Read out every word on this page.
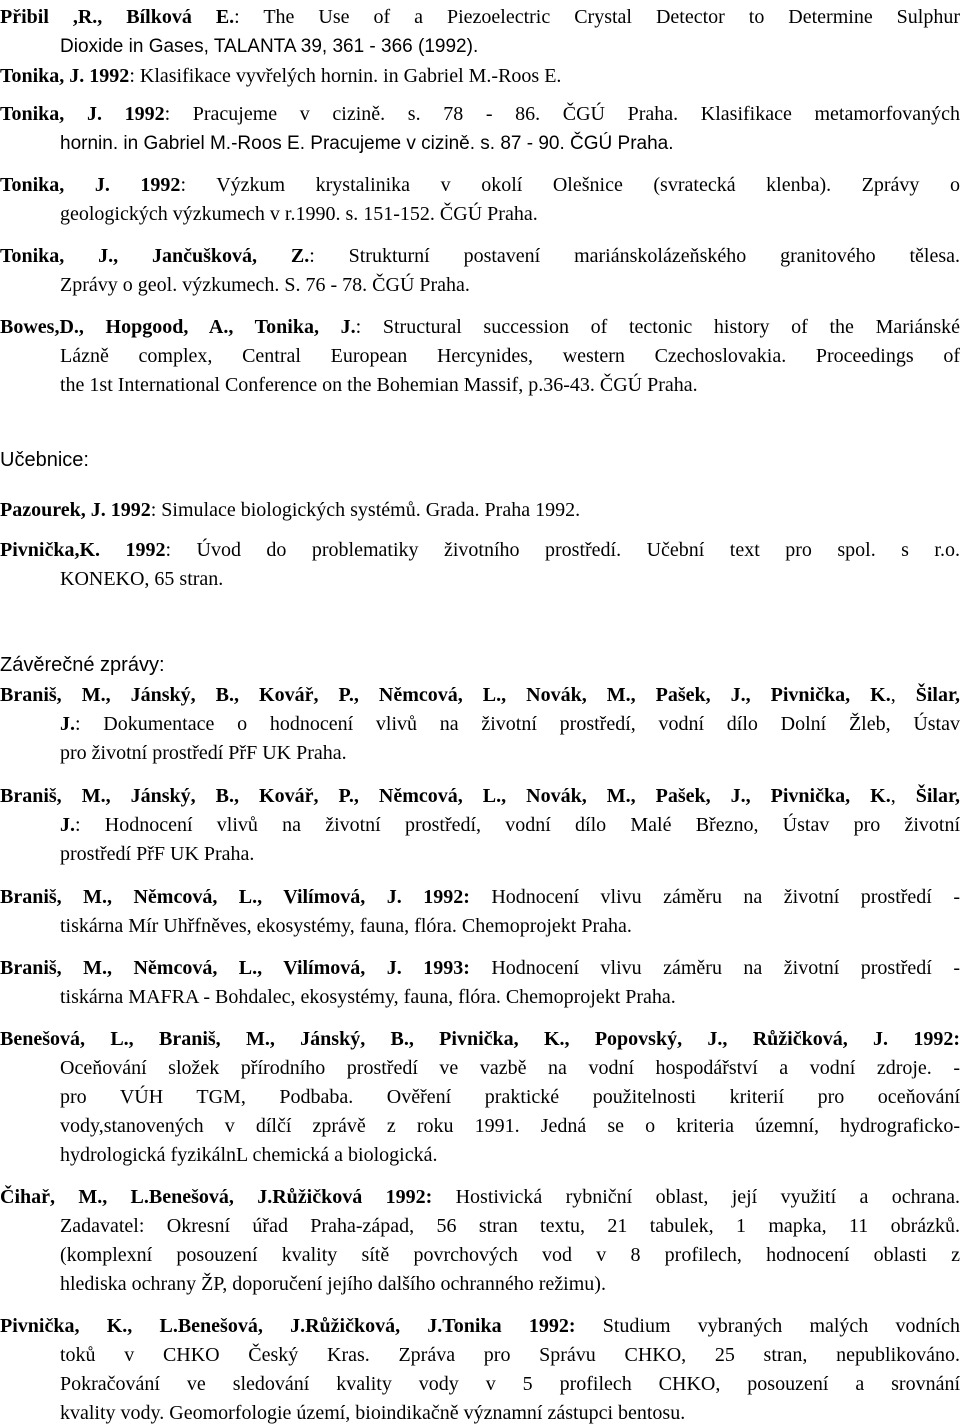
Přibil ,R., Bílková E.: The Use of a Piezoelectric Crystal Detector to Determine Sulphur
Dioxide in Gases, TALANTA 39, 361 - 366 (1992).
Tonika, J. 1992: Klasifikace vyvřelých hornin. in Gabriel M.-Roos E.
Tonika, J. 1992: Pracujeme v cizině. s. 78 - 86. ČGÚ Praha. Klasifikace metamorfovaných
hornin. in Gabriel M.-Roos E. Pracujeme v cizině. s. 87 - 90. ČGÚ Praha.
Tonika, J. 1992: Výzkum krystalinika v okolí Olešnice (svratecká klenba). Zprávy o
geologických výzkumech v r.1990. s. 151-152. ČGÚ Praha.
Tonika, J., Jančušková, Z.: Strukturní postavení mariánskolázeňského granitového tělesa.
Zprávy o geol. výzkumech. S. 76 - 78. ČGÚ Praha.
Bowes,D., Hopgood, A., Tonika, J.: Structural succession of tectonic history of the Mariánské
Lázně complex, Central European Hercynides, western Czechoslovakia. Proceedings of
the 1st International Conference on the Bohemian Massif, p.36-43. ČGÚ Praha.
Učebnice:
Pazourek, J. 1992: Simulace biologických systémů. Grada. Praha 1992.
Pivnička,K. 1992: Úvod do problematiky životního prostředí. Učební text pro spol. s r.o.
KONEKO, 65 stran.
Závěrečné zprávy:
Braniš, M., Jánský, B., Kovář, P., Němcová, L., Novák, M., Pašek, J., Pivnička, K., Šilar,
J.: Dokumentace o hodnocení vlivů na životní prostředí, vodní dílo Dolní Žleb, Ústav
pro životní prostředí PřF UK Praha.
Braniš, M., Jánský, B., Kovář, P., Němcová, L., Novák, M., Pašek, J., Pivnička, K., Šilar,
J.: Hodnocení vlivů na životní prostředí, vodní dílo Malé Březno, Ústav pro životní
prostředí PřF UK Praha.
Braniš, M., Němcová, L., Vilímová, J. 1992: Hodnocení vlivu záměru na životní prostředí -
tiskárna Mír Uhřfněves, ekosystémy, fauna, flóra. Chemoprojekt Praha.
Braniš, M., Němcová, L., Vilímová, J. 1993: Hodnocení vlivu záměru na životní prostředí -
tiskárna MAFRA - Bohdalec, ekosystémy, fauna, flóra. Chemoprojekt Praha.
Benešová, L., Braniš, M., Jánský, B., Pivnička, K., Popovský, J., Růžičková, J. 1992:
Oceňování složek přírodního prostředí ve vazbě na vodní hospodářství a vodní zdroje. -
pro VÚH TGM, Podbaba. Ověření praktické použitelnosti kriterií pro oceňování
vody,stanovených v dílčí zprávě z roku 1991. Jedná se o kriteria územní, hydrograficko-
hydrologická fyzikálnL chemická a biologická.
Čihař, M., L.Benešová, J.Růžičková 1992: Hostivická rybniční oblast, její využití a ochrana.
Zadavatel: Okresní úřad Praha-západ, 56 stran textu, 21 tabulek, 1 mapka, 11 obrázků.
(komplexní posouzení kvality sítě povrchových vod v 8 profilech, hodnocení oblasti z
hlediska ochrany ŽP, doporučení jejího dalšího ochranného režimu).
Pivnička, K., L.Benešová, J.Růžičková, J.Tonika 1992: Studium vybraných malých vodních
toků v CHKO Český Kras. Zpráva pro Správu CHKO, 25 stran, nepublikováno.
Pokračování ve sledování kvality vody v 5 profilech CHKO, posouzení a srovnání
kvality vody. Geomorfologie území, bioindikačně významní zástupci bentosu.
